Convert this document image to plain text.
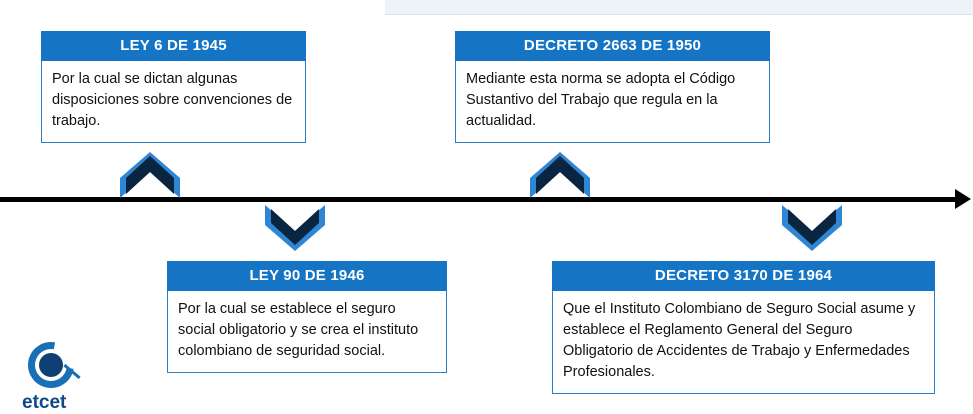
LEY 6 DE 1945
Por la cual se dictan algunas disposiciones sobre convenciones de trabajo.
DECRETO 2663 DE 1950
Mediante esta norma se adopta el Código Sustantivo del Trabajo que regula en la actualidad.
LEY 90 DE 1946
Por la cual se establece el seguro social obligatorio y se crea el instituto colombiano de seguridad social.
DECRETO 3170 DE 1964
Que el Instituto Colombiano de Seguro Social asume y establece el Reglamento General del Seguro Obligatorio de Accidentes de Trabajo y Enfermedades Profesionales.
etcet
